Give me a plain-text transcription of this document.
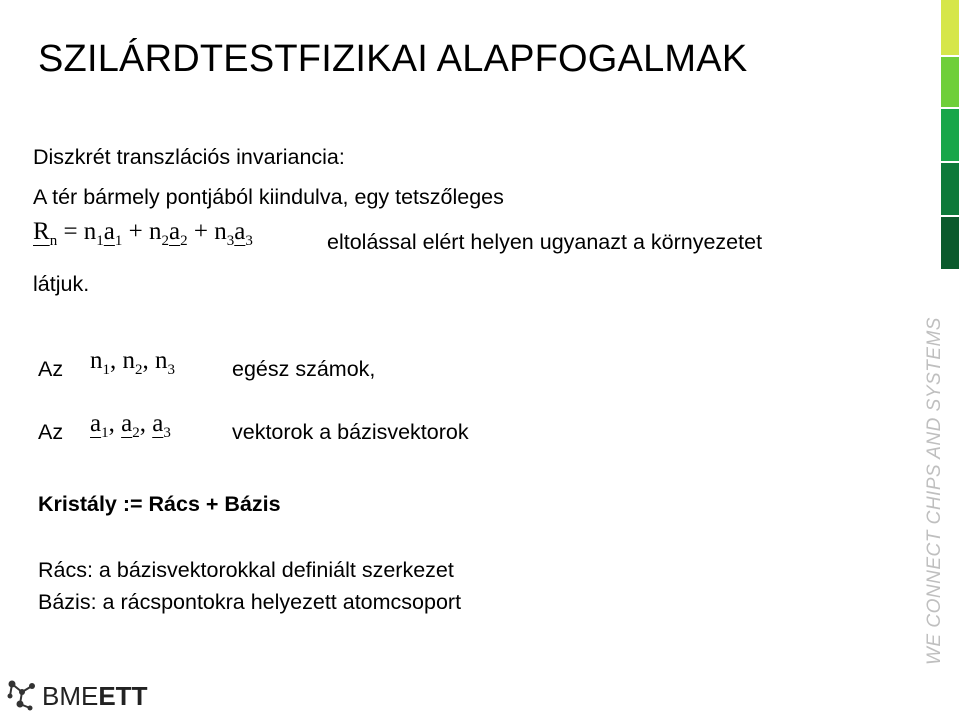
SZILÁRDTESTFIZIKAI ALAPFOGALMAK
Diszkrét transzlációs invariancia:
A tér bármely pontjából kiindulva, egy tetszőleges
$R_n = n_1a_1 + n_2a_2 + n_3a_3$	eltolással elért helyen ugyanazt a környezetet
látjuk.
Az $n_1$, $n_2$, $n_3$	egész számok,
Az $a_1$, $a_2$, $a_3$	vektorok a bázisvektorok
Kristály := Rács + Bázis
Rács: a bázisvektorokkal definiált szerkezet
Bázis: a rácspontokra helyezett atomcsoport	WE CONNECT CHIPS AND SYSTEMS
BMEETT
